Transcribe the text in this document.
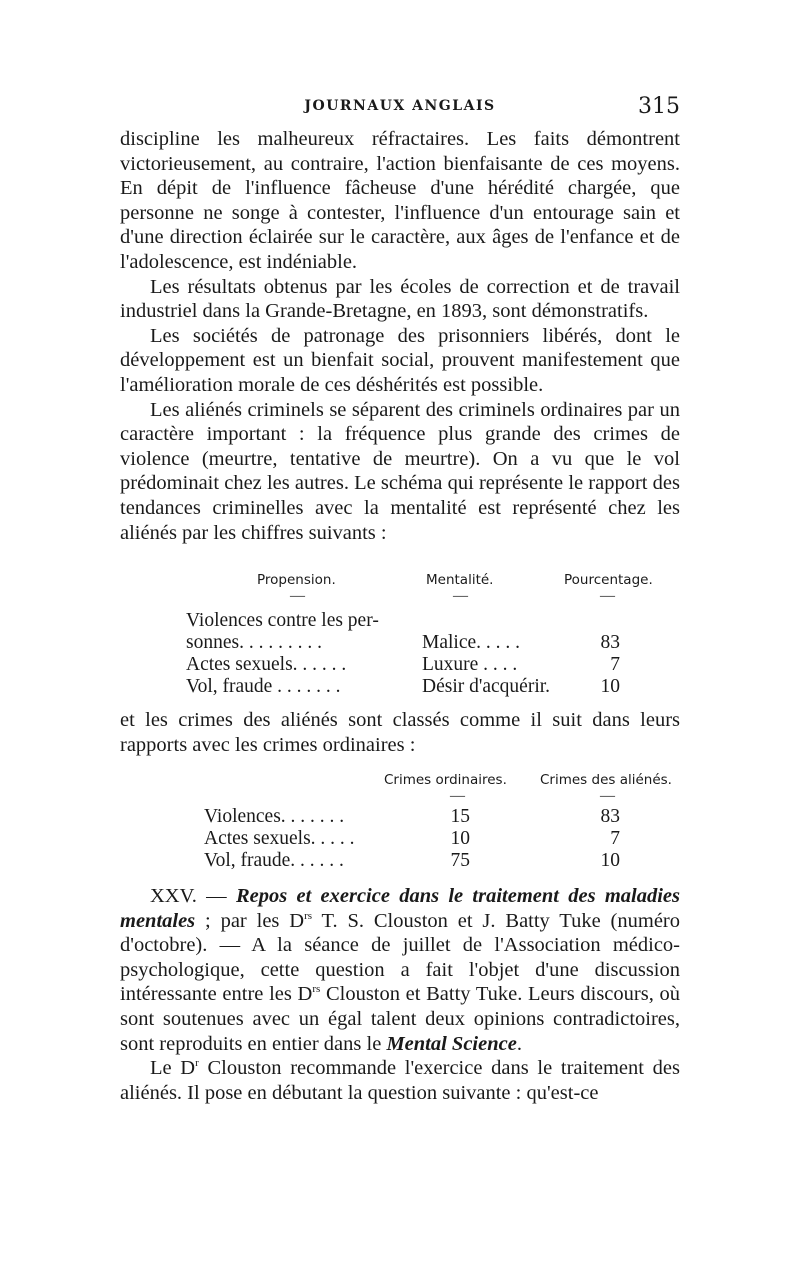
JOURNAUX ANGLAIS	315

discipline les malheureux réfractaires. Les faits démontrent victorieusement, au contraire, l'action bienfaisante de ces moyens. En dépit de l'influence fâcheuse d'une hérédité chargée, que personne ne songe à contester, l'influence d'un entourage sain et d'une direction éclairée sur le caractère, aux âges de l'enfance et de l'adolescence, est indéniable.

Les résultats obtenus par les écoles de correction et de travail industriel dans la Grande-Bretagne, en 1893, sont démonstratifs.

Les sociétés de patronage des prisonniers libérés, dont le développement est un bienfait social, prouvent manifestement que l'amélioration morale de ces déshérités est possible.

Les aliénés criminels se séparent des criminels ordinaires par un caractère important : la fréquence plus grande des crimes de violence (meurtre, tentative de meurtre). On a vu que le vol prédominait chez les autres. Le schéma qui représente le rapport des tendances criminelles avec la mentalité est représenté chez les aliénés par les chiffres suivants :

Propension.	Mentalité.	Pourcentage.
—	—	—
Violences contre les per-
sonnes. . . . . . . . .	Malice. . . . .	83
Actes sexuels. . . . . .	Luxure . . . .	7
Vol, fraude . . . . . . .	Désir d'acquérir.	10

et les crimes des aliénés sont classés comme il suit dans leurs rapports avec les crimes ordinaires :

Crimes ordinaires. Crimes des aliénés.
—	—
Violences. . . . . . .	15	83
Actes sexuels. . . . .	10	7
Vol, fraude. . . . . .	75	10

XXV. — Repos et exercice dans le traitement des maladies mentales ; par les $D^{rs}$ T. S. Clouston et J. Batty Tuke (numéro d'octobre). — A la séance de juillet de l'Association médico-psychologique, cette question a fait l'objet d'une discussion intéressante entre les $D^{rs}$ Clouston et Batty Tuke. Leurs discours, où sont soutenues avec un égal talent deux opinions contradictoires, sont reproduits en entier dans le Mental Science.

Le $D^r$ Clouston recommande l'exercice dans le traitement des aliénés. Il pose en débutant la question suivante : qu'est-ce
